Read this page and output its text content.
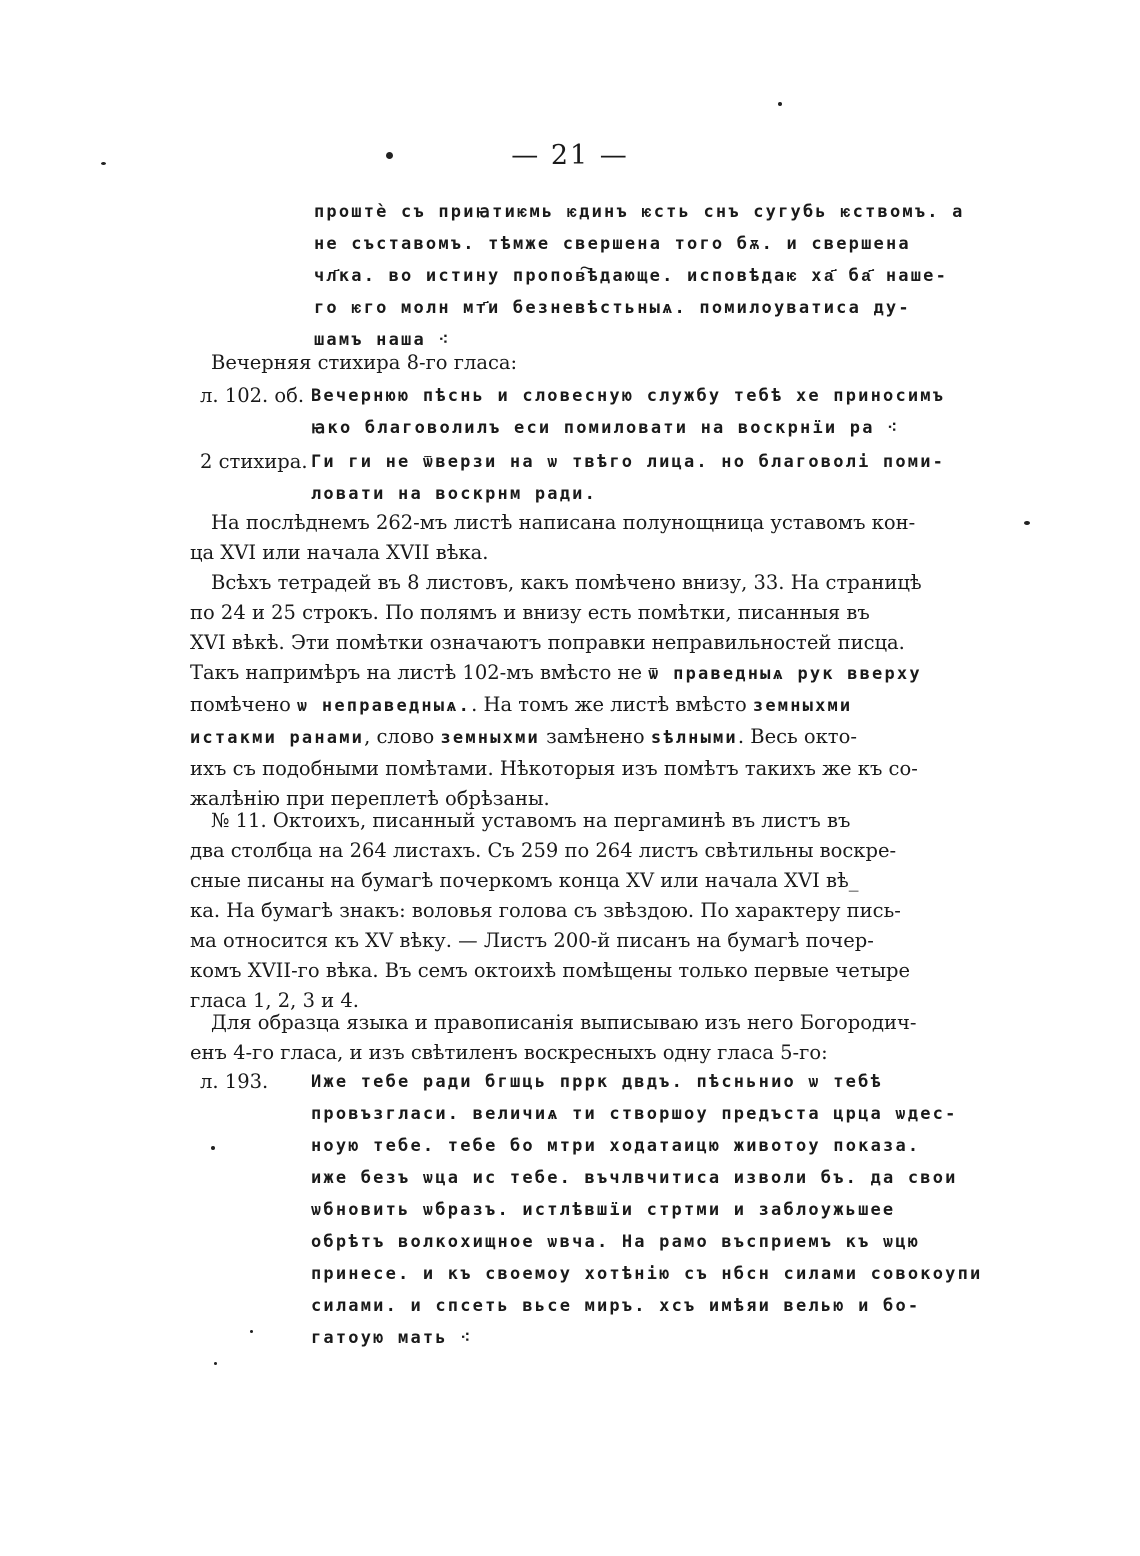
— 21 —
проштѐ съ приꙗтиѥмь ѥдинъ ѥсть снъ сугубь ѥствомъ. а
не съставомъ. тѣмже свершена того бѫ. и свершена
чл҃ка. во истину пропов҇ѣдающе. исповѣдаѥ ха҃ ба҃ наше-
го ѥго молн мт҃и безневѣстьныѧ. помилоуватиса ду-
шамъ наша ⁖
Вечерняя стихира 8-го гласа:
л. 102. об. Вечернюю пѣснь и словесную службу тебѣ хе приносимъ
ꙗко благоволилъ еси помиловати на воскрнїи ра ⁖
2 стихира. Ги ги не ѿверзи на ѡ твѣго лица. но благоволі поми-
ловати на воскрнм ради.
На послѣднемъ 262-мъ листѣ написана полунощница уставомъ кон-
ца XVI или начала XVII вѣка.
Всѣхъ тетрадей въ 8 листовъ, какъ помѣчено внизу, 33. На страницѣ
по 24 и 25 строкъ. По полямъ и внизу есть помѣтки, писанныя въ
XVI вѣкѣ. Эти помѣтки означаютъ поправки неправильностей писца.
Такъ напримѣръ на листѣ 102-мъ вмѣсто не ѿ праведныѧ рук вверху
помѣчено ѡ неправедныѧ.. На томъ же листѣ вмѣсто земныхми
истакми ранами, слово земныхми замѣнено ѕѣлными. Весь окто-
ихъ съ подобными помѣтами. Нѣкоторыя изъ помѣтъ такихъ же къ со-
жалѣнію при переплетѣ обрѣзаны.
№ 11. Октоихъ, писанный уставомъ на пергаминѣ въ листъ въ
два столбца на 264 листахъ. Съ 259 по 264 листъ свѣтильны воскре-
сные писаны на бумагѣ почеркомъ конца XV или начала XVI вѣ_
ка. На бумагѣ знакъ: воловья голова съ звѣздою. По характеру пись-
ма относится къ XV вѣку. — Листъ 200-й писанъ на бумагѣ почер-
комъ XVII-го вѣка. Въ семъ октоихѣ помѣщены только первые четыре
гласа 1, 2, 3 и 4.
Для образца языка и правописанія выписываю изъ него Богородич-
енъ 4-го гласа, и изъ свѣтиленъ воскресныхъ одну гласа 5-го:
л. 193.	Иже тебе ради бгшць пррк двдъ. пѣсньнио ѡ тебѣ
провъзгласи. величиѧ ти створшоу предъста црца ѡдес-
ноую тебе. тебе бо мтри ходатаицю животоу показа.
иже безъ ѡца ис тебе. въчлвчитиса изволи бъ. да свои
ѡбновить ѡбразъ. истлѣвшїи стртми и заблоужьшее
обрѣтъ волкохищное ѡвча. На рамо въсприемъ къ ѡцю
принесе. и къ своемоу хотѣнію съ нбсн силами совокоупи
силами. и спсеть вьсе миръ. хсъ имѣяи велью и бо-
гатоую мать ⁖
